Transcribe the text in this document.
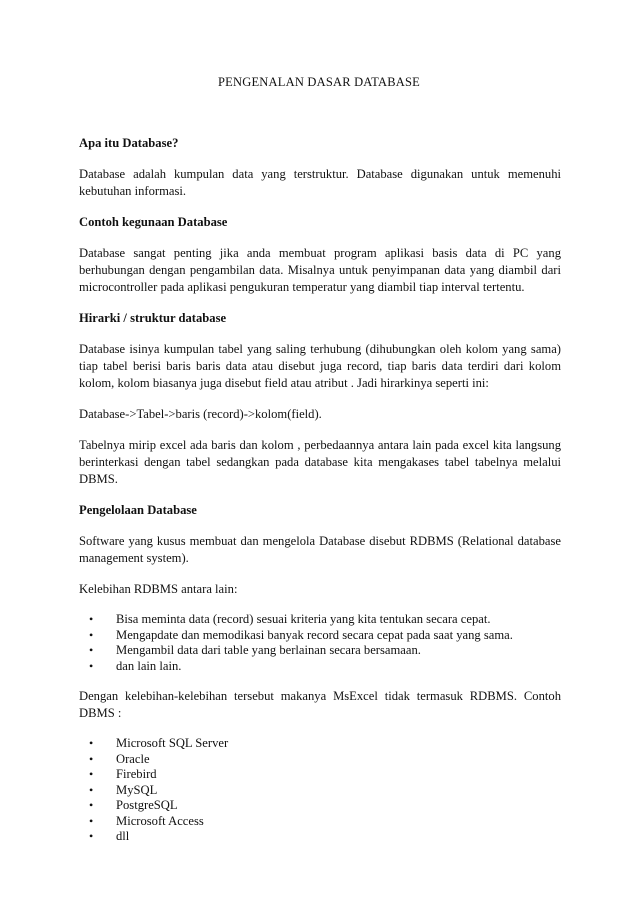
PENGENALAN DASAR DATABASE
Apa itu Database?

Database adalah kumpulan data yang terstruktur. Database digunakan untuk memenuhi kebutuhan informasi.

Contoh kegunaan Database

Database sangat penting jika anda membuat program aplikasi basis data di PC yang berhubungan dengan pengambilan data. Misalnya untuk penyimpanan data yang diambil dari microcontroller pada aplikasi pengukuran temperatur yang diambil tiap interval tertentu.

Hirarki / struktur database

Database isinya kumpulan tabel yang saling terhubung (dihubungkan oleh kolom yang sama) tiap tabel berisi baris baris data atau disebut juga record, tiap baris data terdiri dari kolom kolom, kolom biasanya juga disebut field atau atribut . Jadi hirarkinya seperti ini:

Database->Tabel->baris (record)->kolom(field).

Tabelnya mirip excel ada baris dan kolom , perbedaannya antara lain pada excel kita langsung berinterkasi dengan tabel sedangkan pada database kita mengakases tabel tabelnya melalui DBMS.

Pengelolaan Database

Software yang kusus membuat dan mengelola Database disebut RDBMS (Relational database management system).

Kelebihan RDBMS antara lain:

• Bisa meminta data (record) sesuai kriteria yang kita tentukan secara cepat.
• Mengapdate dan memodikasi banyak record secara cepat pada saat yang sama.
• Mengambil data dari table yang berlainan secara bersamaan.
• dan lain lain.

Dengan kelebihan-kelebihan tersebut makanya MsExcel tidak termasuk RDBMS. Contoh DBMS :

• Microsoft SQL Server
• Oracle
• Firebird
• MySQL
• PostgreSQL
• Microsoft Access
• dll
